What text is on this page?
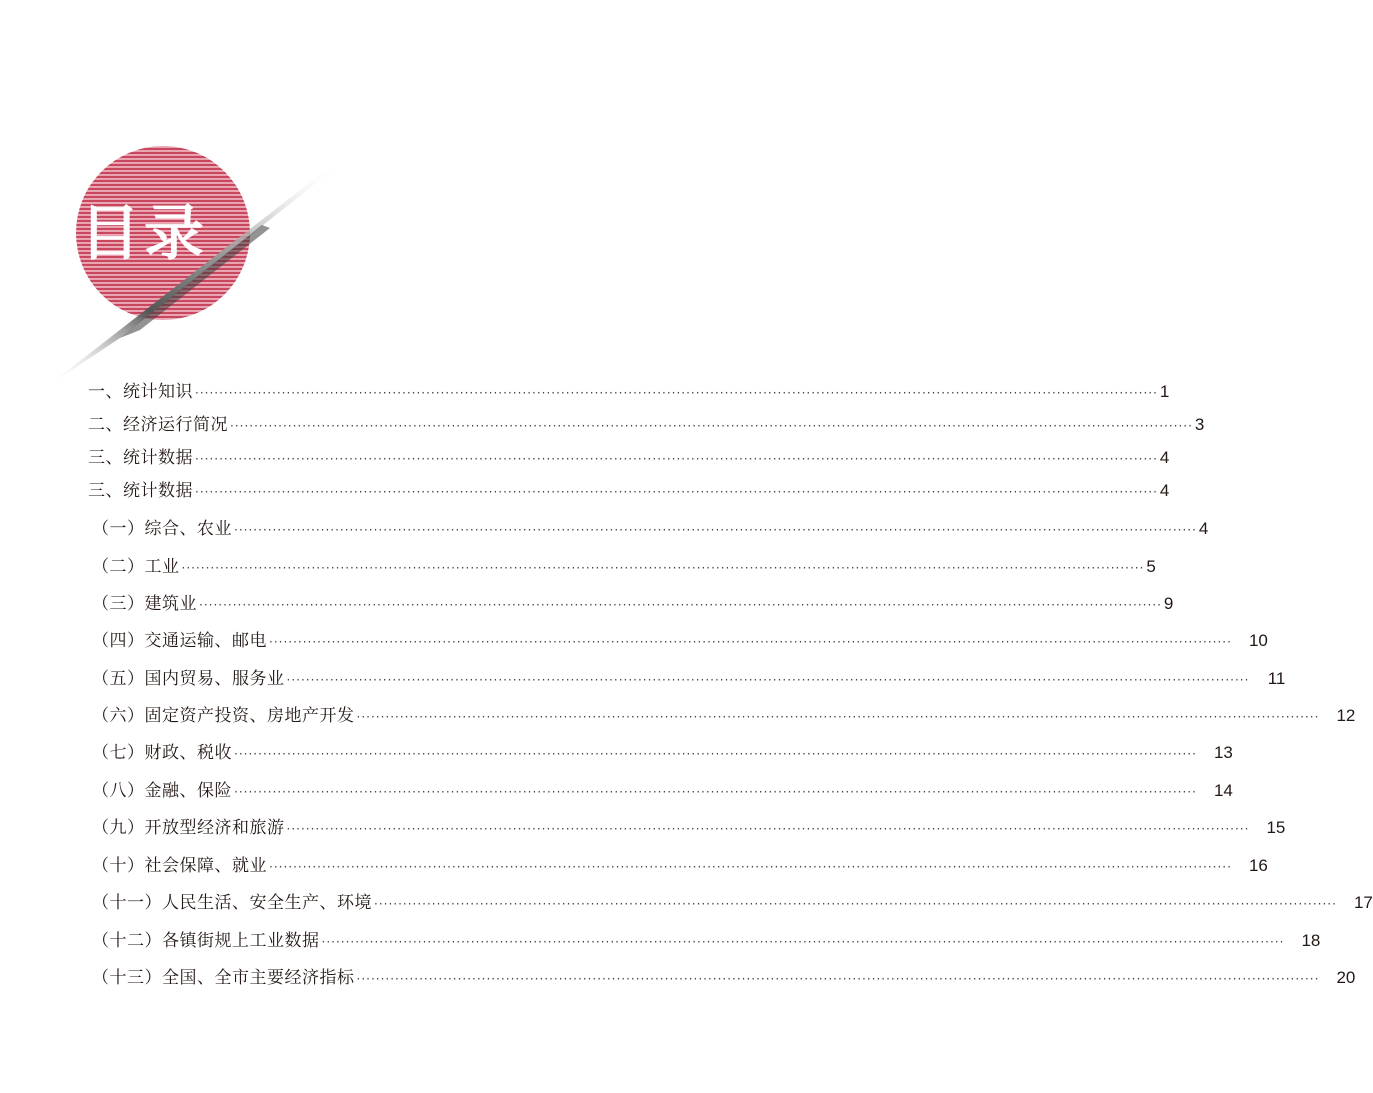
目录
一、统计知识 ········································································································································································································ 1
二、经济运行简况 ········································································································································································································ 3
三、统计数据 ········································································································································································································ 4
三、统计数据 ········································································································································································································ 4
（一）综合、农业 ········································································································································································································ 4
（二）工业 ········································································································································································································ 5
（三）建筑业 ········································································································································································································ 9
（四）交通运输、邮电 ········································································································································································································	10
（五）国内贸易、服务业 ········································································································································································································	11
（六）固定资产投资、房地产开发 ········································································································································································································	12
（七）财政、税收 ········································································································································································································	13
（八）金融、保险 ········································································································································································································	14
（九）开放型经济和旅游 ········································································································································································································	15
（十）社会保障、就业 ········································································································································································································	16
（十一）人民生活、安全生产、环境 ········································································································································································································	17
（十二）各镇街规上工业数据 ········································································································································································································	18
（十三）全国、全市主要经济指标 ········································································································································································································	20
